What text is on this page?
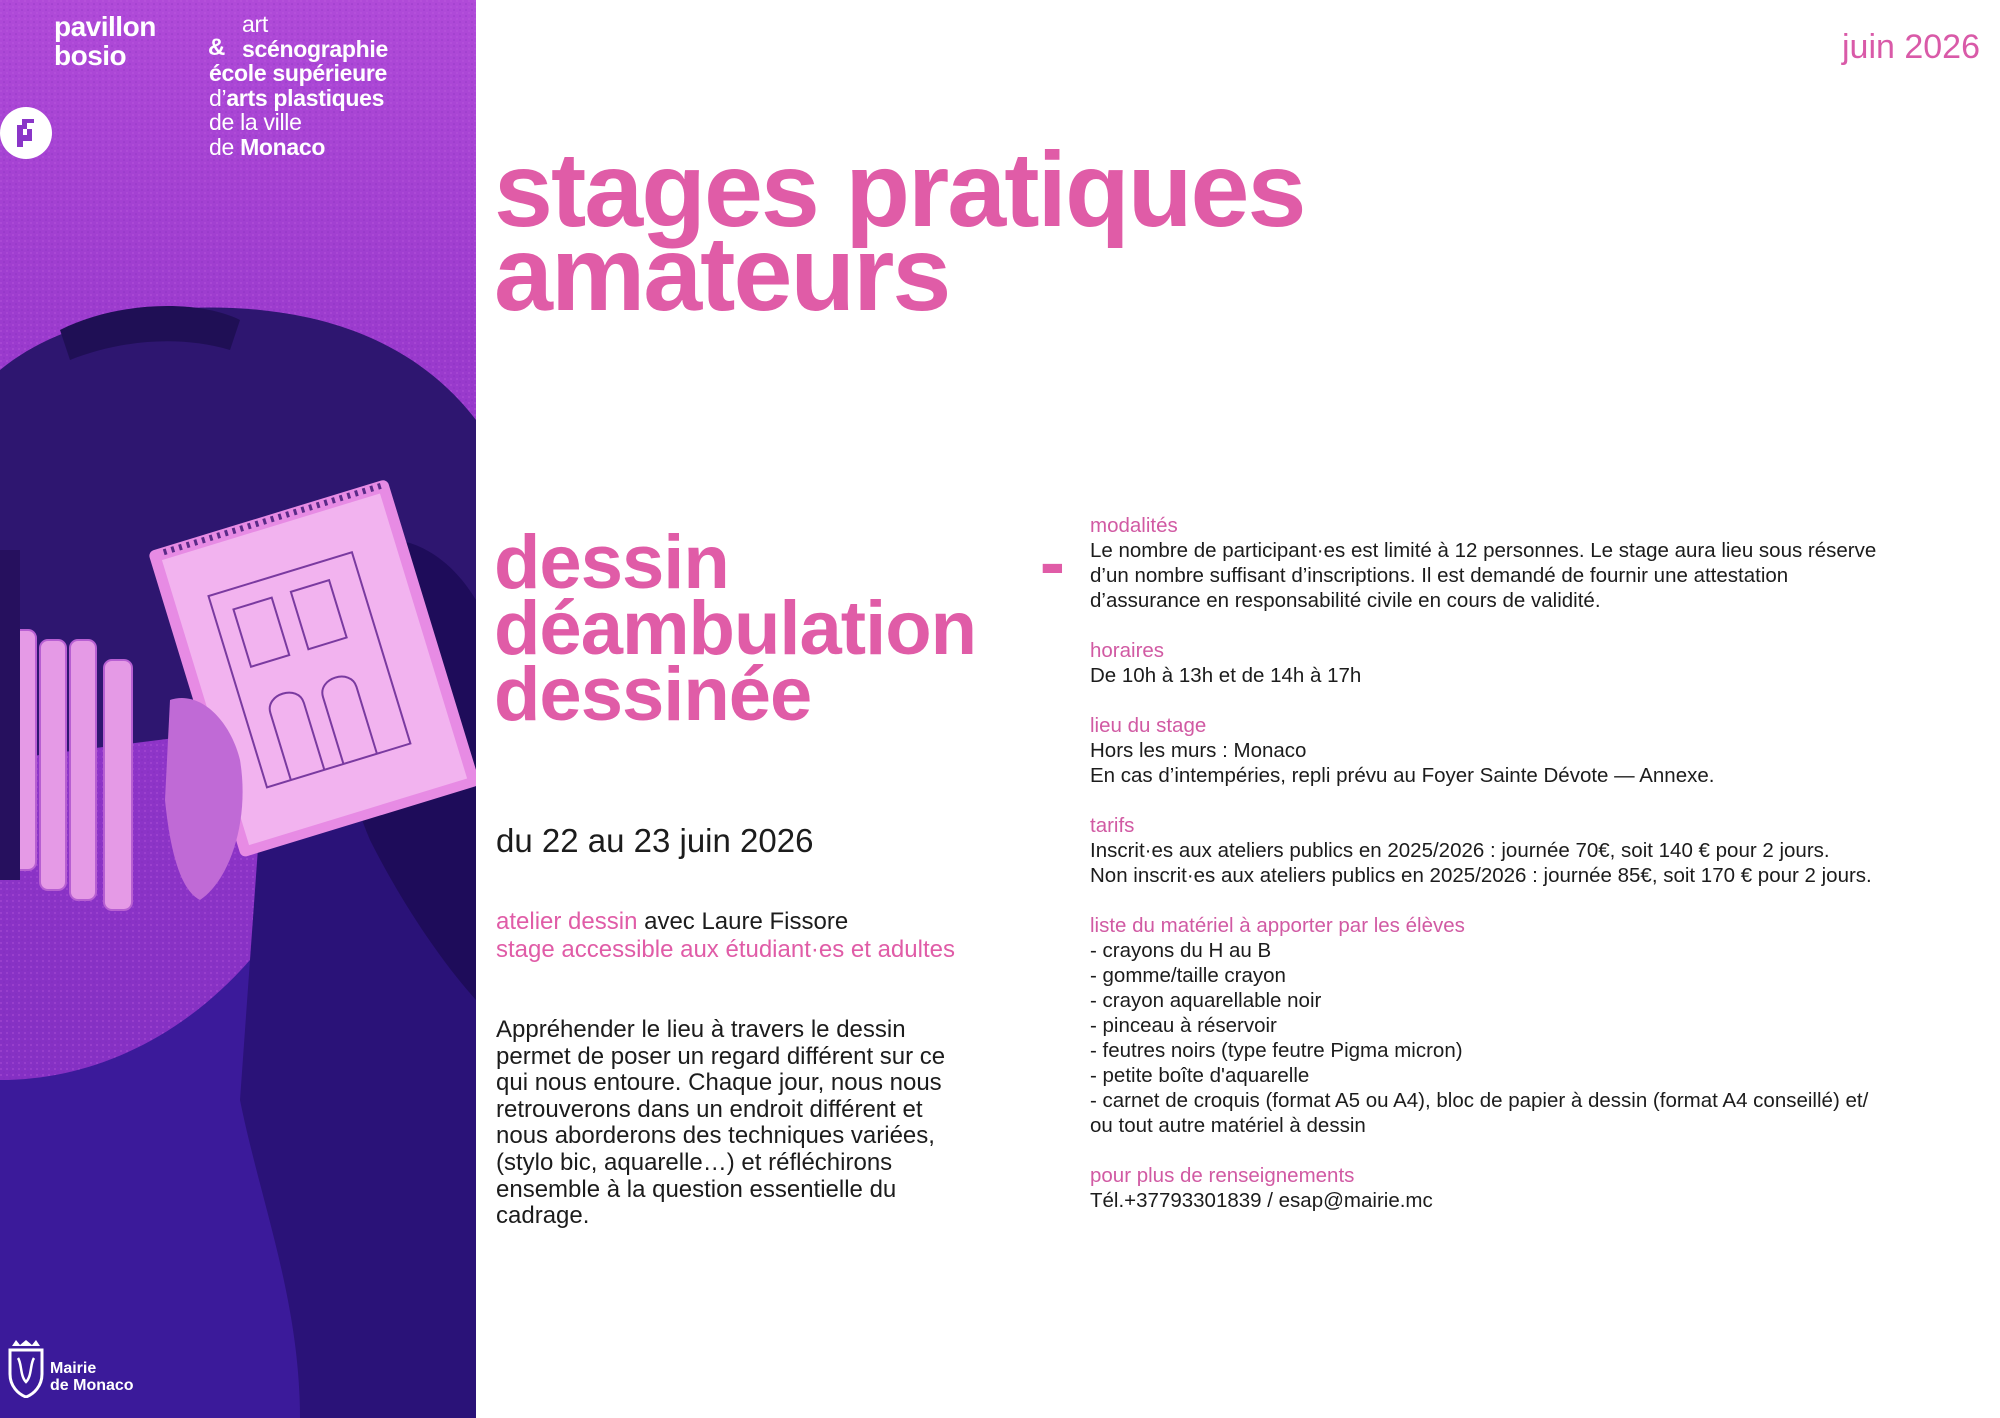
pavillon
bosio	&
art
scénographie
école supérieure
d’arts plastiques
de la ville
de Monaco
Mairie
de Monaco
juin 2026
stages pratiques
amateurs
dessin	-
déambulation
dessinée
du 22 au 23 juin 2026
atelier dessin avec Laure Fissore
stage accessible aux étudiant·es et adultes
Appréhender le lieu à travers le dessin
permet de poser un regard différent sur ce
qui nous entoure. Chaque jour, nous nous
retrouverons dans un endroit différent et
nous aborderons des techniques variées,
(stylo bic, aquarelle…) et réfléchirons
ensemble à la question essentielle du
cadrage.
modalités
Le nombre de participant·es est limité à 12 personnes. Le stage aura lieu sous réserve
d’un nombre suffisant d’inscriptions. Il est demandé de fournir une attestation
d’assurance en responsabilité civile en cours de validité.
horaires
De 10h à 13h et de 14h à 17h
lieu du stage
Hors les murs : Monaco
En cas d’intempéries, repli prévu au Foyer Sainte Dévote — Annexe.
tarifs
Inscrit·es aux ateliers publics en 2025/2026 : journée 70€, soit 140 € pour 2 jours.
Non inscrit·es aux ateliers publics en 2025/2026 : journée 85€, soit 170 € pour 2 jours.
liste du matériel à apporter par les élèves
- crayons du H au B
- gomme/taille crayon
- crayon aquarellable noir
- pinceau à réservoir
- feutres noirs (type feutre Pigma micron)
- petite boîte d'aquarelle
- carnet de croquis (format A5 ou A4), bloc de papier à dessin (format A4 conseillé) et/
ou tout autre matériel à dessin
pour plus de renseignements
Tél.+37793301839 / esap@mairie.mc
